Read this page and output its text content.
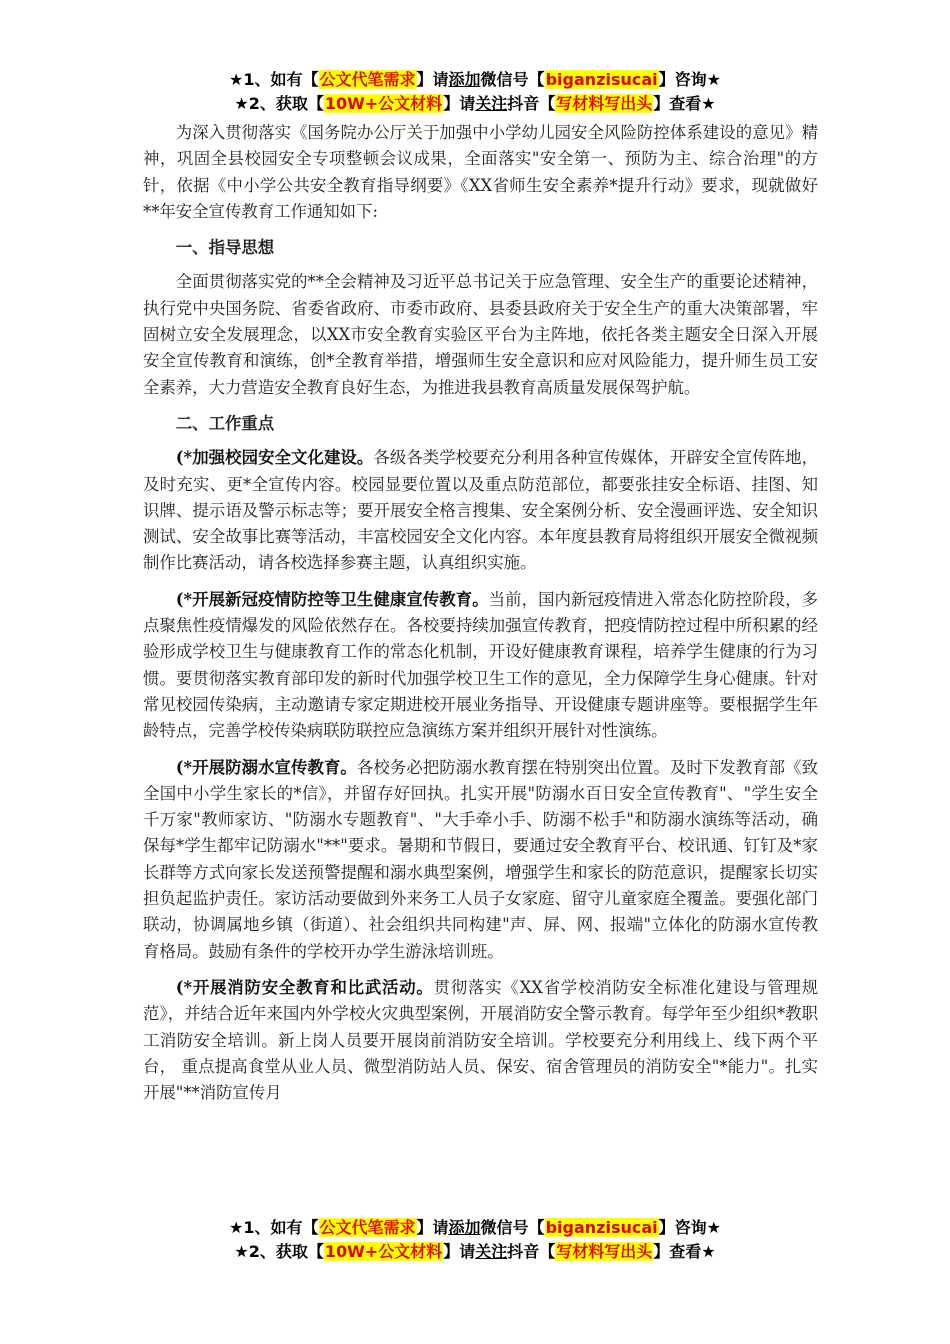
★1、如有【公文代笔需求】请添加微信号【biganzisucai】咨询★
★2、获取【10W+公文材料】请关注抖音【写材料写出头】查看★

为深入贯彻落实《国务院办公厅关于加强中小学幼儿园安全风险防控体系建设的意见》精神，巩固全县校园安全专项整顿会议成果，全面落实"安全第一、预防为主、综合治理"的方针，依据《中小学公共安全教育指导纲要》《XX省师生安全素养*提升行动》要求，现就做好**年安全宣传教育工作通知如下:

一、指导思想

全面贯彻落实党的**全会精神及习近平总书记关于应急管理、安全生产的重要论述精神，执行党中央国务院、省委省政府、市委市政府、县委县政府关于安全生产的重大决策部署，牢固树立安全发展理念，以XX市安全教育实验区平台为主阵地，依托各类主题安全日深入开展安全宣传教育和演练，创*全教育举措，增强师生安全意识和应对风险能力，提升师生员工安全素养，大力营造安全教育良好生态，为推进我县教育高质量发展保驾护航。

二、工作重点

(*加强校园安全文化建设。各级各类学校要充分利用各种宣传媒体，开辟安全宣传阵地，及时充实、更*全宣传内容。校园显要位置以及重点防范部位，都要张挂安全标语、挂图、知识牌、提示语及警示标志等；要开展安全格言搜集、安全案例分析、安全漫画评选、安全知识测试、安全故事比赛等活动，丰富校园安全文化内容。本年度县教育局将组织开展安全微视频制作比赛活动，请各校选择参赛主题，认真组织实施。

(*开展新冠疫情防控等卫生健康宣传教育。当前，国内新冠疫情进入常态化防控阶段，多点聚焦性疫情爆发的风险依然存在。各校要持续加强宣传教育，把疫情防控过程中所积累的经验形成学校卫生与健康教育工作的常态化机制，开设好健康教育课程，培养学生健康的行为习惯。要贯彻落实教育部印发的新时代加强学校卫生工作的意见，全力保障学生身心健康。针对常见校园传染病，主动邀请专家定期进校开展业务指导、开设健康专题讲座等。要根据学生年龄特点，完善学校传染病联防联控应急演练方案并组织开展针对性演练。

(*开展防溺水宣传教育。各校务必把防溺水教育摆在特别突出位置。及时下发教育部《致全国中小学生家长的*信》，并留存好回执。扎实开展"防溺水百日安全宣传教育"、"学生安全千万家"教师家访、"防溺水专题教育"、"大手牵小手、防溺不松手"和防溺水演练等活动，确保每*学生都牢记防溺水"**"要求。暑期和节假日，要通过安全教育平台、校讯通、钉钉及*家长群等方式向家长发送预警提醒和溺水典型案例，增强学生和家长的防范意识，提醒家长切实担负起监护责任。家访活动要做到外来务工人员子女家庭、留守儿童家庭全覆盖。要强化部门联动，协调属地乡镇（街道）、社会组织共同构建"声、屏、网、报端"立体化的防溺水宣传教育格局。鼓励有条件的学校开办学生游泳培训班。

(*开展消防安全教育和比武活动。贯彻落实《XX省学校消防安全标准化建设与管理规范》，并结合近年来国内外学校火灾典型案例，开展消防安全警示教育。每学年至少组织*教职工消防安全培训。新上岗人员要开展岗前消防安全培训。学校要充分利用线上、线下两个平台， 重点提高食堂从业人员、微型消防站人员、保安、宿舍管理员的消防安全"*能力"。扎实开展"**消防宣传月

★1、如有【公文代笔需求】请添加微信号【biganzisucai】咨询★
★2、获取【10W+公文材料】请关注抖音【写材料写出头】查看★
